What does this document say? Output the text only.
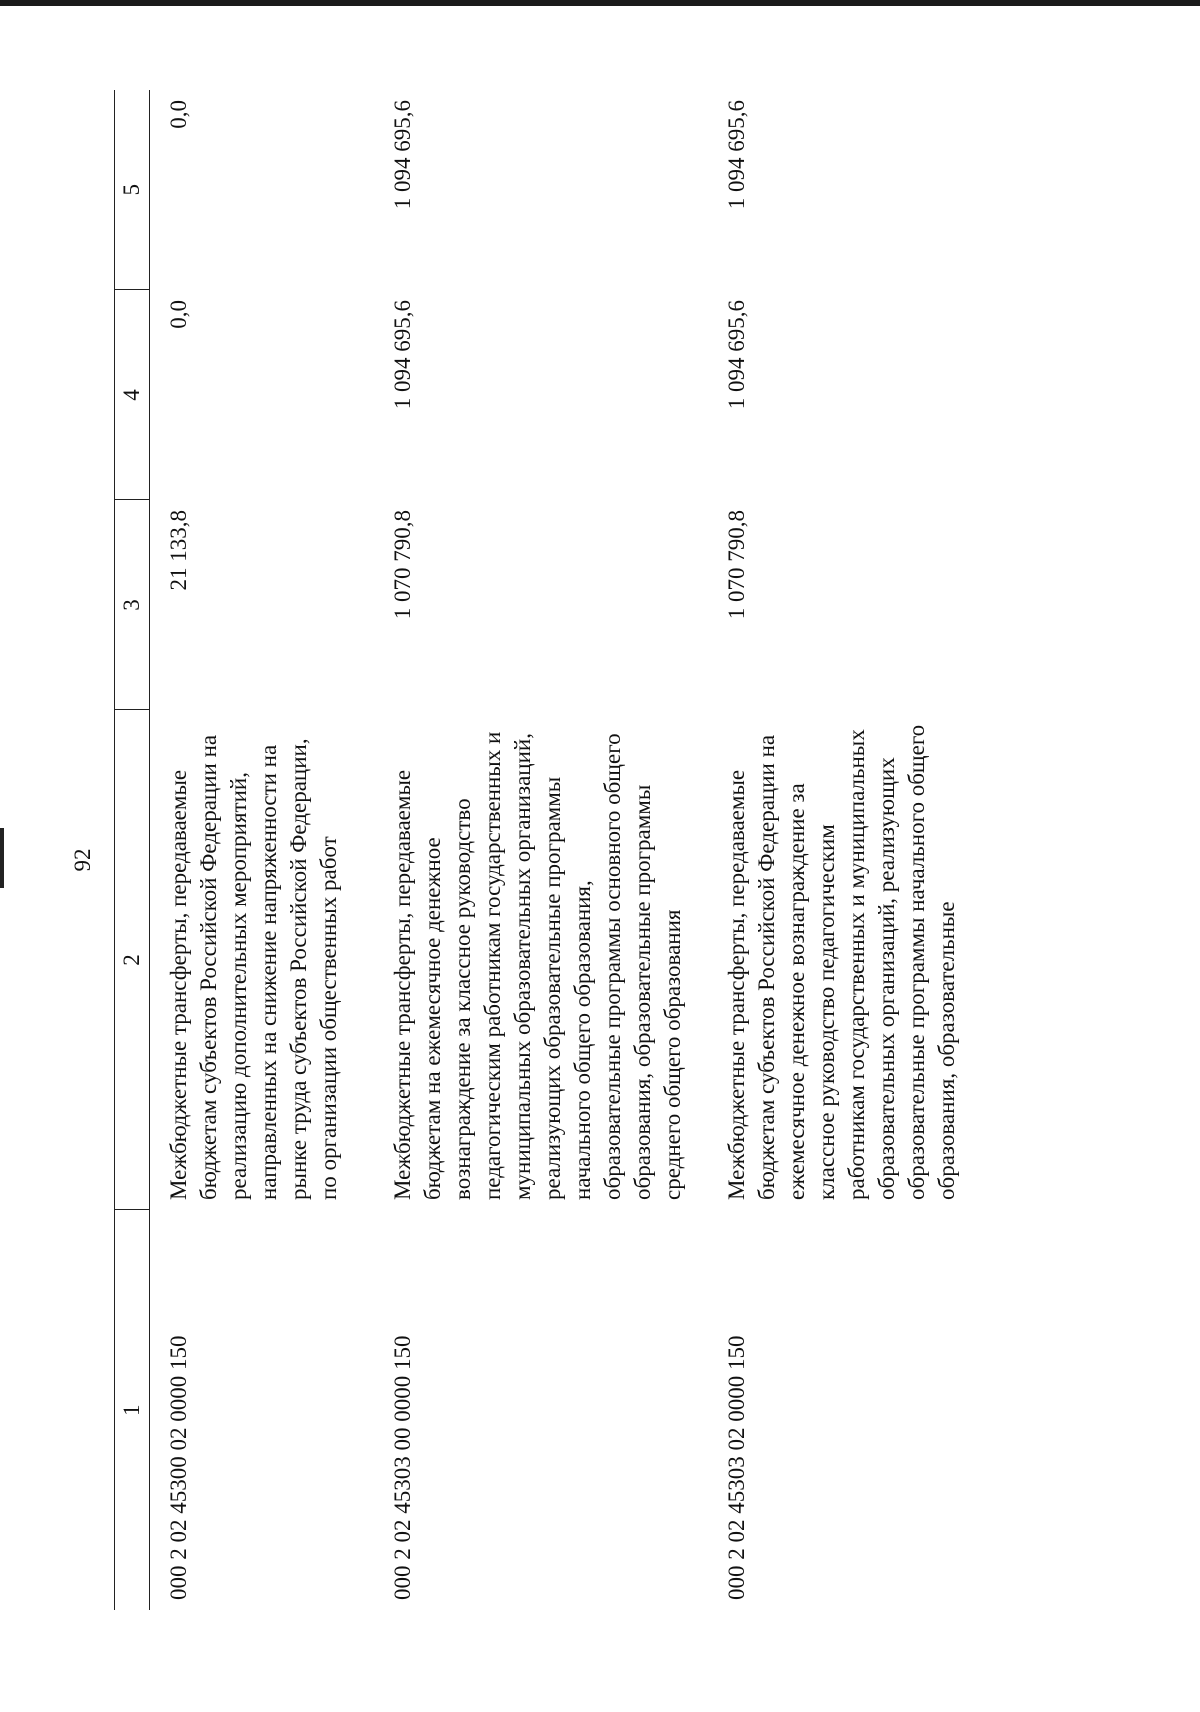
92
1	2	3	4	5
000 2 02 45300 02 0000 150	Межбюджетные трансферты, передаваемые бюджетам субъектов Российской Федерации на реализацию дополнительных мероприятий, направленных на снижение напряженности на рынке труда субъектов Российской Федерации, по организации общественных работ	21 133,8	0,0	0,0
000 2 02 45303 00 0000 150	Межбюджетные трансферты, передаваемые бюджетам на ежемесячное денежное вознаграждение за классное руководство педагогическим работникам государственных и муниципальных образовательных организаций, реализующих образовательные программы начального общего образования, образовательные программы основного общего образования, образовательные программы среднего общего образования	1 070 790,8	1 094 695,6	1 094 695,6
000 2 02 45303 02 0000 150	Межбюджетные трансферты, передаваемые бюджетам субъектов Российской Федерации на ежемесячное денежное вознаграждение за классное руководство педагогическим работникам государственных и муниципальных образовательных организаций, реализующих образовательные программы начального общего образования, образовательные	1 070 790,8	1 094 695,6	1 094 695,6
